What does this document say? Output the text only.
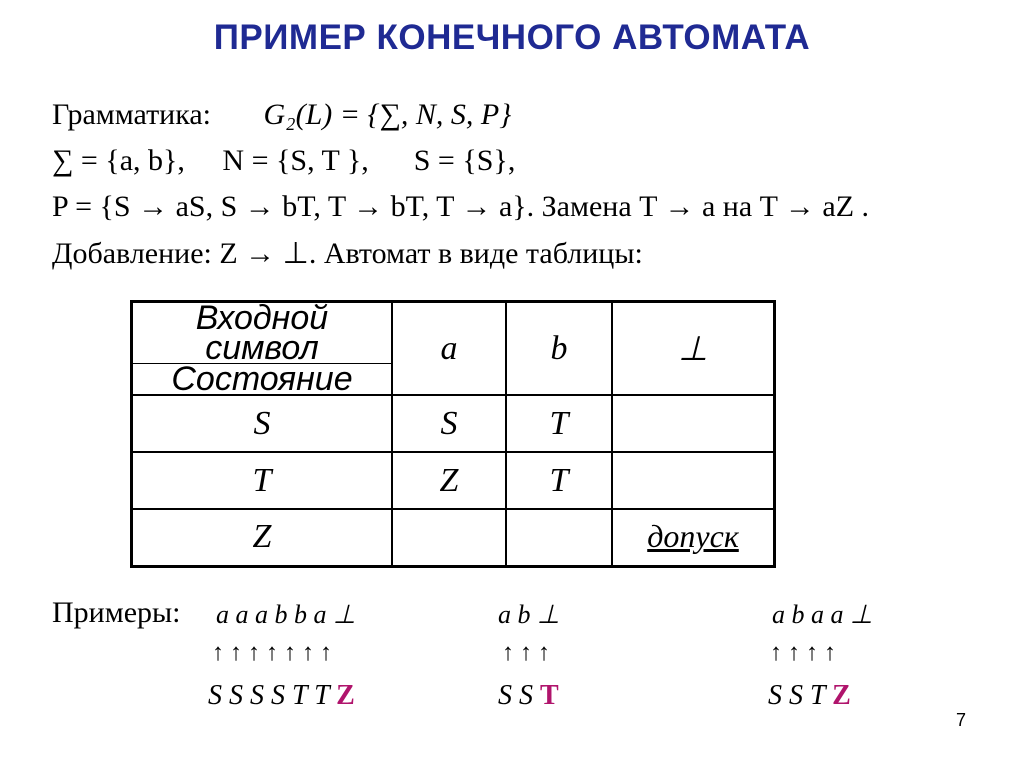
ПРИМЕР КОНЕЧНОГО АВТОМАТА
Грамматика: G₂(L) = {∑, N, S, P}
∑ = {a, b},     N = {S, T },      S = {S},
P = {S → aS, S → bT, T → bT, T → a}. Замена T → a на T → aZ .
Добавление: Z → ⊥. Автомат в виде таблицы:
Входной символ
Состояние	a	b	⊥
S	S	T	
T	Z	T	
Z			допуск
Примеры: a a a b b a ⊥
↑ ↑ ↑ ↑ ↑ ↑ ↑
S S S S T T Z
a b ⊥
↑ ↑ ↑
S S T
a b a a ⊥
↑ ↑ ↑ ↑
S S T Z
7
